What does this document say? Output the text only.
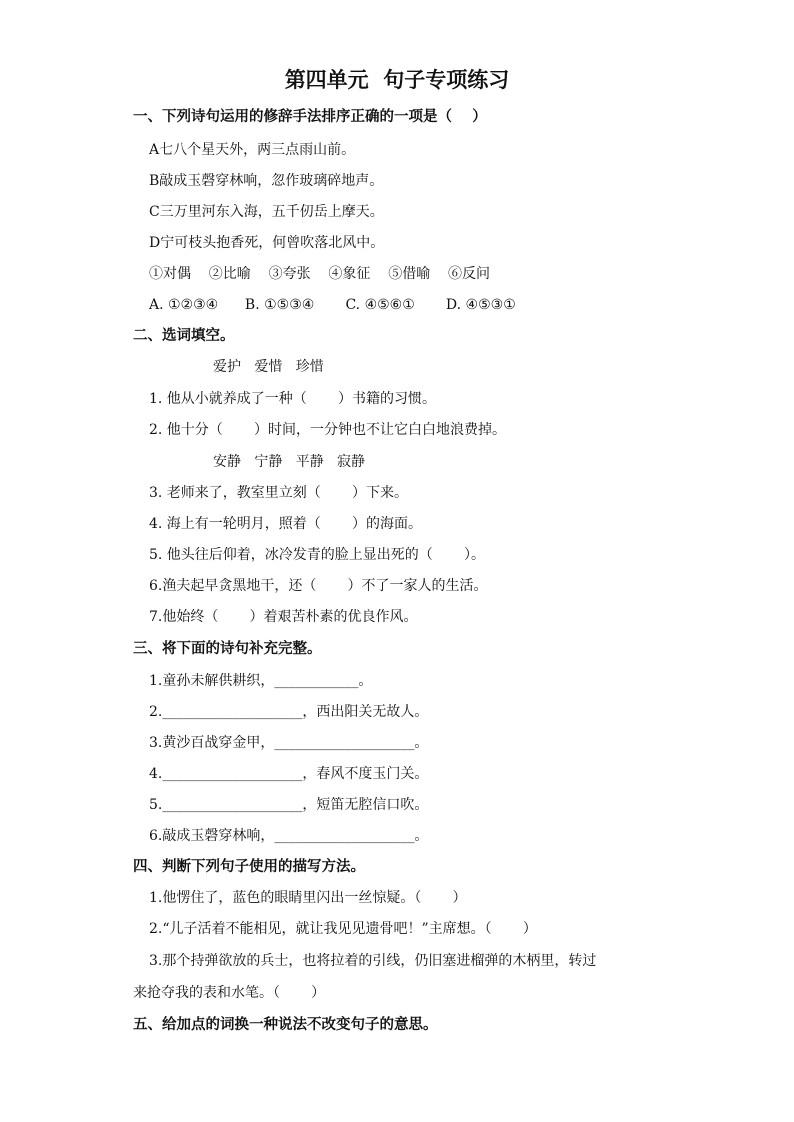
第四单元  句子专项练习
一、下列诗句运用的修辞手法排序正确的一项是（    ）
A七八个星天外，两三点雨山前。
B敲成玉磬穿林响，忽作玻璃碎地声。
C三万里河东入海，五千仞岳上摩天。
D宁可枝头抱香死，何曾吹落北风中。
①对偶    ②比喻    ③夸张    ④象征    ⑤借喻    ⑥反问
A. ①②③④      B. ①⑤③④       C. ④⑤⑥①       D. ④⑤③①
二、选词填空。
爱护   爱惜   珍惜
1. 他从小就养成了一种（       ）书籍的习惯。
2. 他十分（       ）时间，一分钟也不让它白白地浪费掉。
安静   宁静   平静   寂静
3. 老师来了，教室里立刻（       ）下来。
4. 海上有一轮明月，照着（       ）的海面。
5. 他头往后仰着，冰冷发青的脸上显出死的（       ）。
6.渔夫起早贪黑地干，还（       ）不了一家人的生活。
7.他始终（       ）着艰苦朴素的优良作风。
三、将下面的诗句补充完整。
1.童孙未解供耕织，____________。
2.____________________，西出阳关无故人。
3.黄沙百战穿金甲，____________________。
4.____________________，春风不度玉门关。
5.____________________，短笛无腔信口吹。
6.敲成玉磬穿林响，____________________。
四、判断下列句子使用的描写方法。
1.他愣住了，蓝色的眼睛里闪出一丝惊疑。（       ）
2.“儿子活着不能相见，就让我见见遗骨吧！”主席想。（       ）
3.那个持弹欲放的兵士，也将拉着的引线，仍旧塞进榴弹的木柄里，转过
来抢夺我的表和水笔。（       ）
五、给加点的词换一种说法不改变句子的意思。
